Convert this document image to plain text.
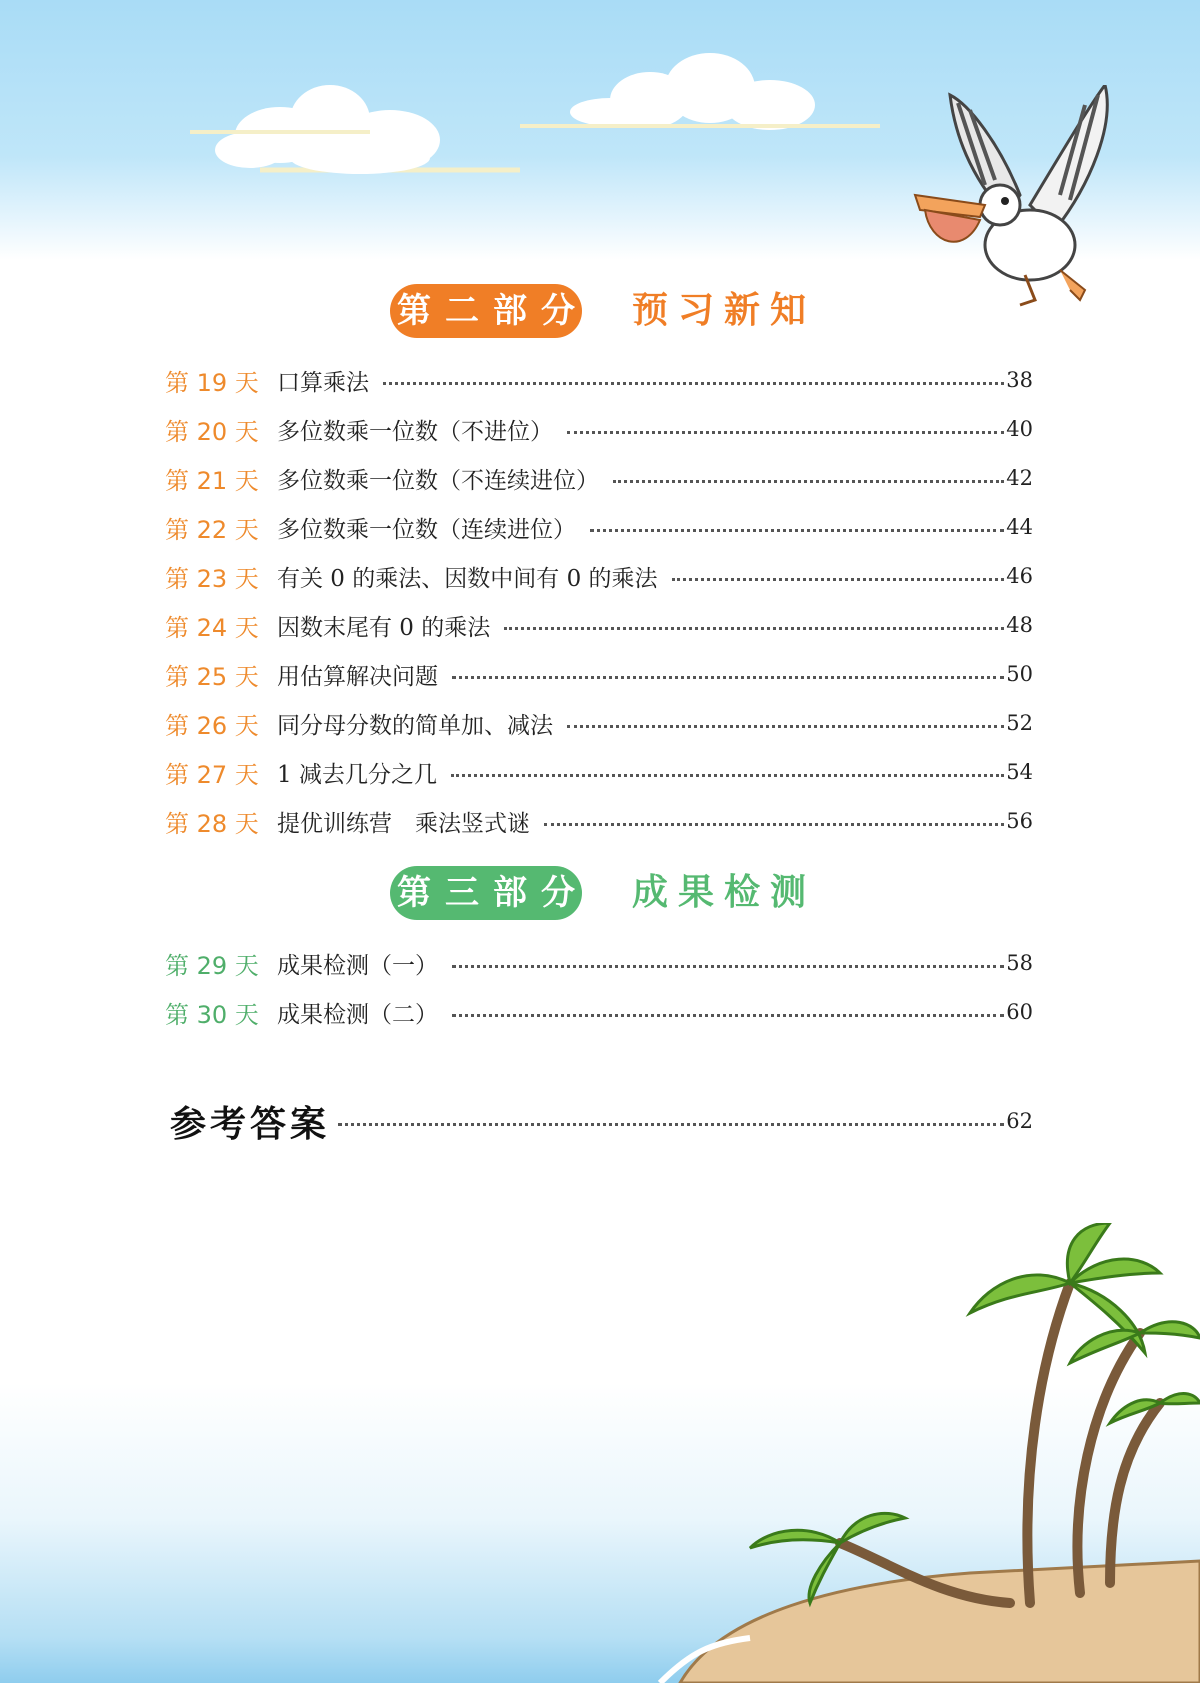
第 二 部 分 预习新知
第 19 天 口算乘法	38
第 20 天 多位数乘一位数（不进位）	40
第 21 天 多位数乘一位数（不连续进位）	42
第 22 天 多位数乘一位数（连续进位）	44
第 23 天 有关 0 的乘法、因数中间有 0 的乘法	46
第 24 天 因数末尾有 0 的乘法	48
第 25 天 用估算解决问题	50
第 26 天 同分母分数的简单加、减法	52
第 27 天 1 减去几分之几	54
第 28 天 提优训练营　乘法竖式谜	56
第 三 部 分 成果检测
第 29 天 成果检测（一）	58
第 30 天 成果检测（二）	60
参考答案	62
